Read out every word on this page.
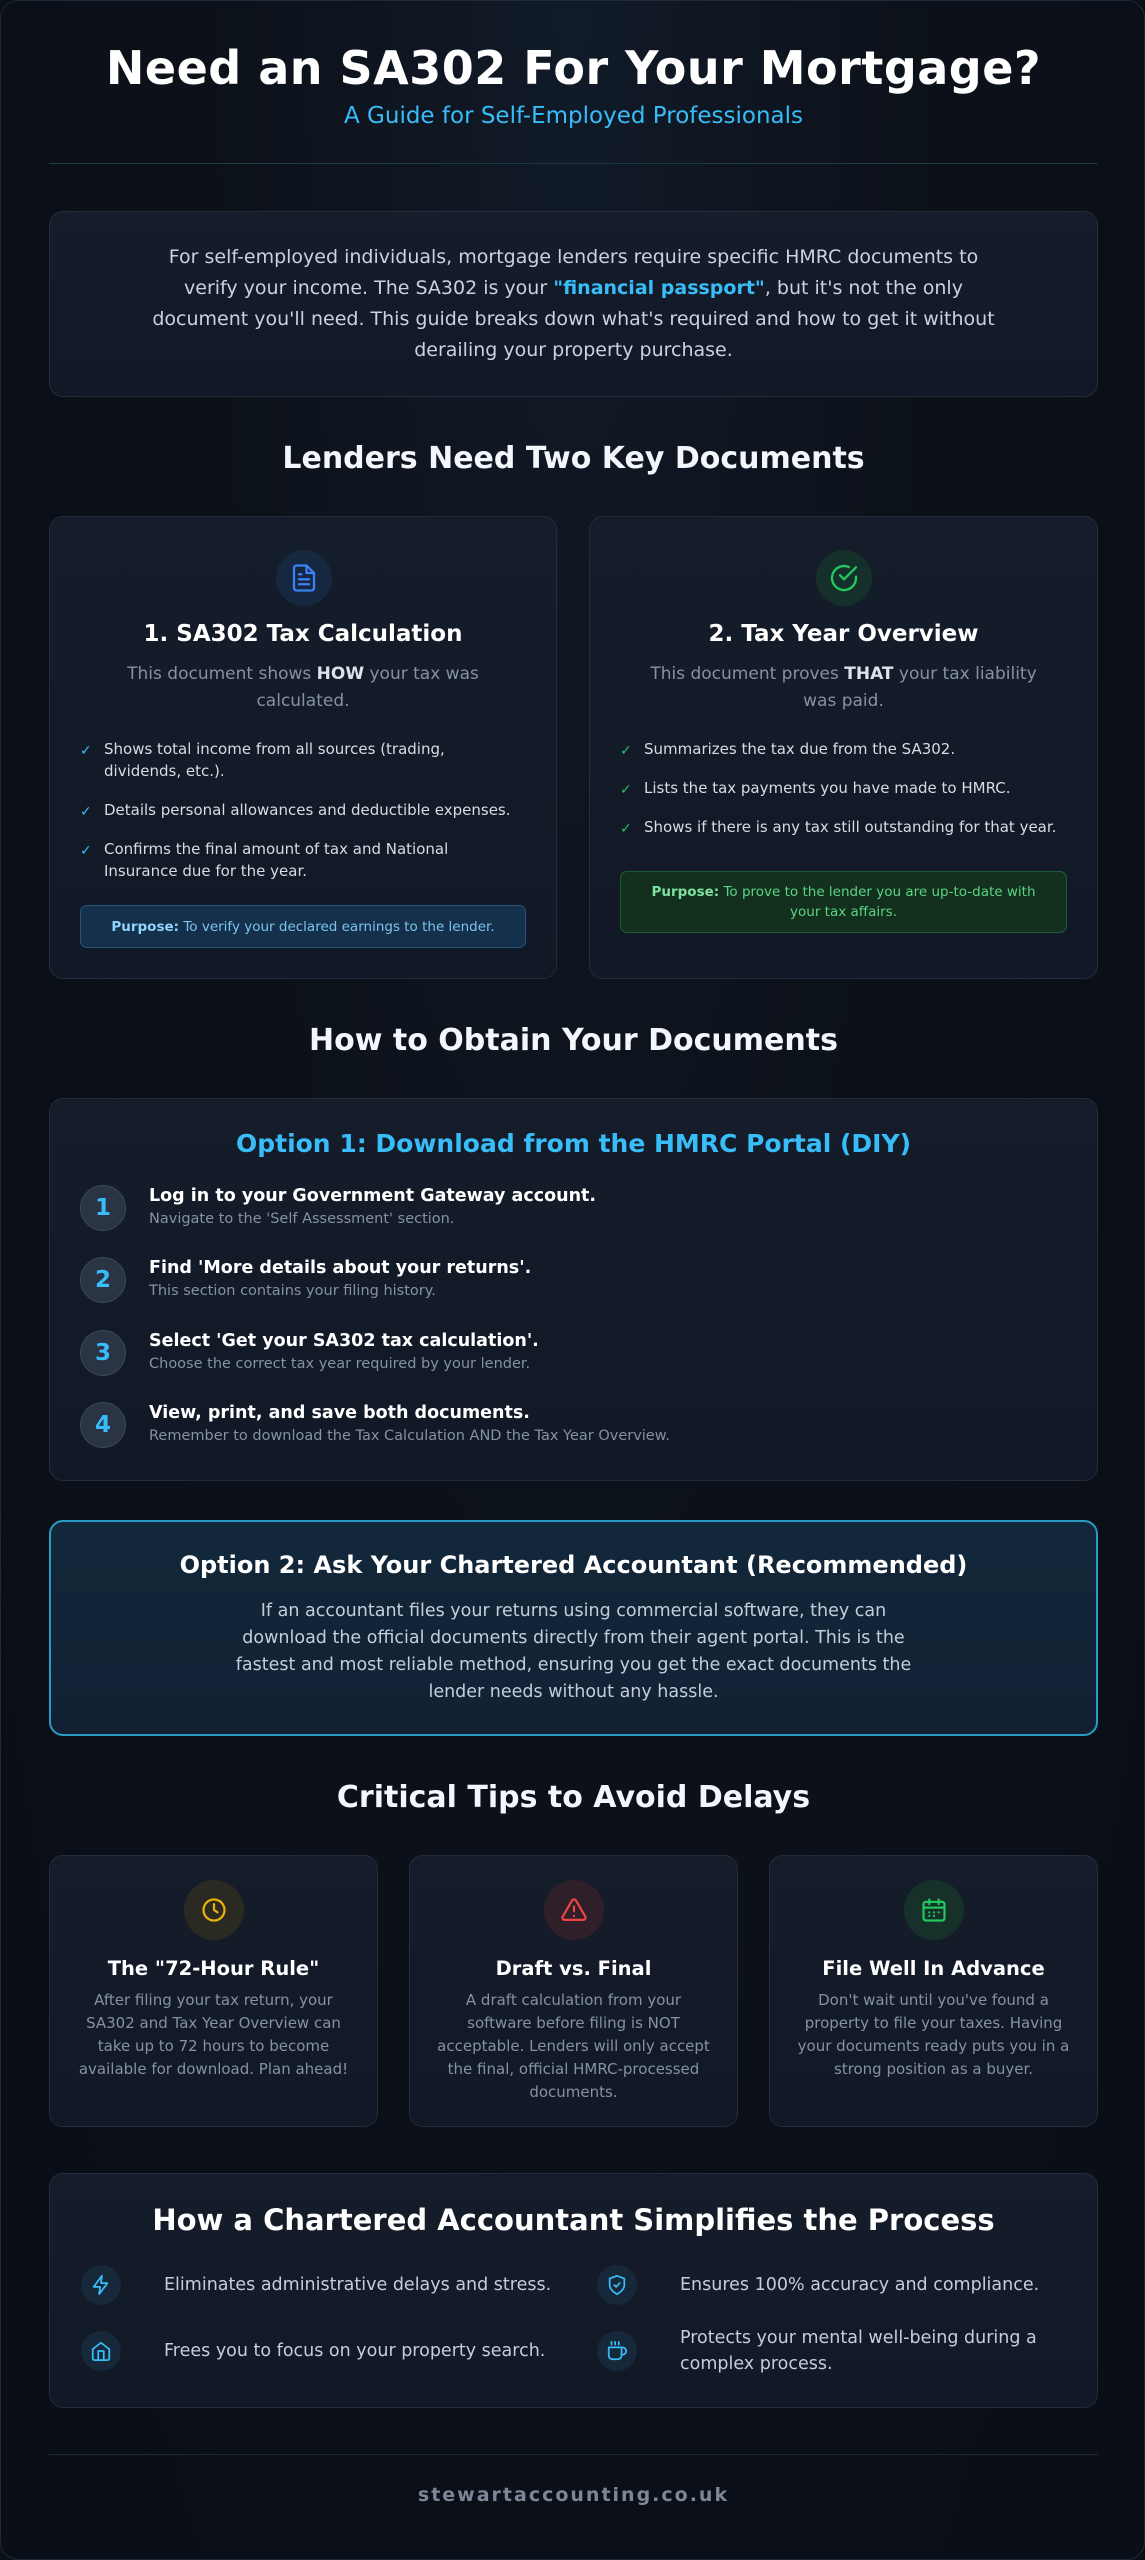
Need an SA302 For Your Mortgage?
A Guide for Self-Employed Professionals

For self-employed individuals, mortgage lenders require specific HMRC documents to verify your income. The SA302 is your "financial passport", but it's not the only document you'll need. This guide breaks down what's required and how to get it without derailing your property purchase.

Lenders Need Two Key Documents
1. SA302 Tax Calculation
This document shows HOW your tax was calculated.
✓ Shows total income from all sources (trading, dividends, etc.).
✓ Details personal allowances and deductible expenses.
✓ Confirms the final amount of tax and National Insurance due for the year.
Purpose: To verify your declared earnings to the lender.
2. Tax Year Overview
This document proves THAT your tax liability was paid.
✓ Summarizes the tax due from the SA302.
✓ Lists the tax payments you have made to HMRC.
✓ Shows if there is any tax still outstanding for that year.
Purpose: To prove to the lender you are up-to-date with your tax affairs.
How to Obtain Your Documents
Option 1: Download from the HMRC Portal (DIY)
1	Log in to your Government Gateway account.
Navigate to the 'Self Assessment' section.
2	Find 'More details about your returns'.
This section contains your filing history.
3	Select 'Get your SA302 tax calculation'.
Choose the correct tax year required by your lender.
4	View, print, and save both documents.
Remember to download the Tax Calculation AND the Tax Year Overview.
Option 2: Ask Your Chartered Accountant (Recommended)
If an accountant files your returns using commercial software, they can download the official documents directly from their agent portal. This is the fastest and most reliable method, ensuring you get the exact documents the lender needs without any hassle.
Critical Tips to Avoid Delays
The "72-Hour Rule"
After filing your tax return, your SA302 and Tax Year Overview can take up to 72 hours to become available for download. Plan ahead!
Draft vs. Final
A draft calculation from your software before filing is NOT acceptable. Lenders will only accept the final, official HMRC-processed documents.
File Well In Advance
Don't wait until you've found a property to file your taxes. Having your documents ready puts you in a strong position as a buyer.
How a Chartered Accountant Simplifies the Process
Eliminates administrative delays and stress.	Ensures 100% accuracy and compliance.
Frees you to focus on your property search.
Protects your mental well-being during a complex process.
stewartaccounting.co.uk
